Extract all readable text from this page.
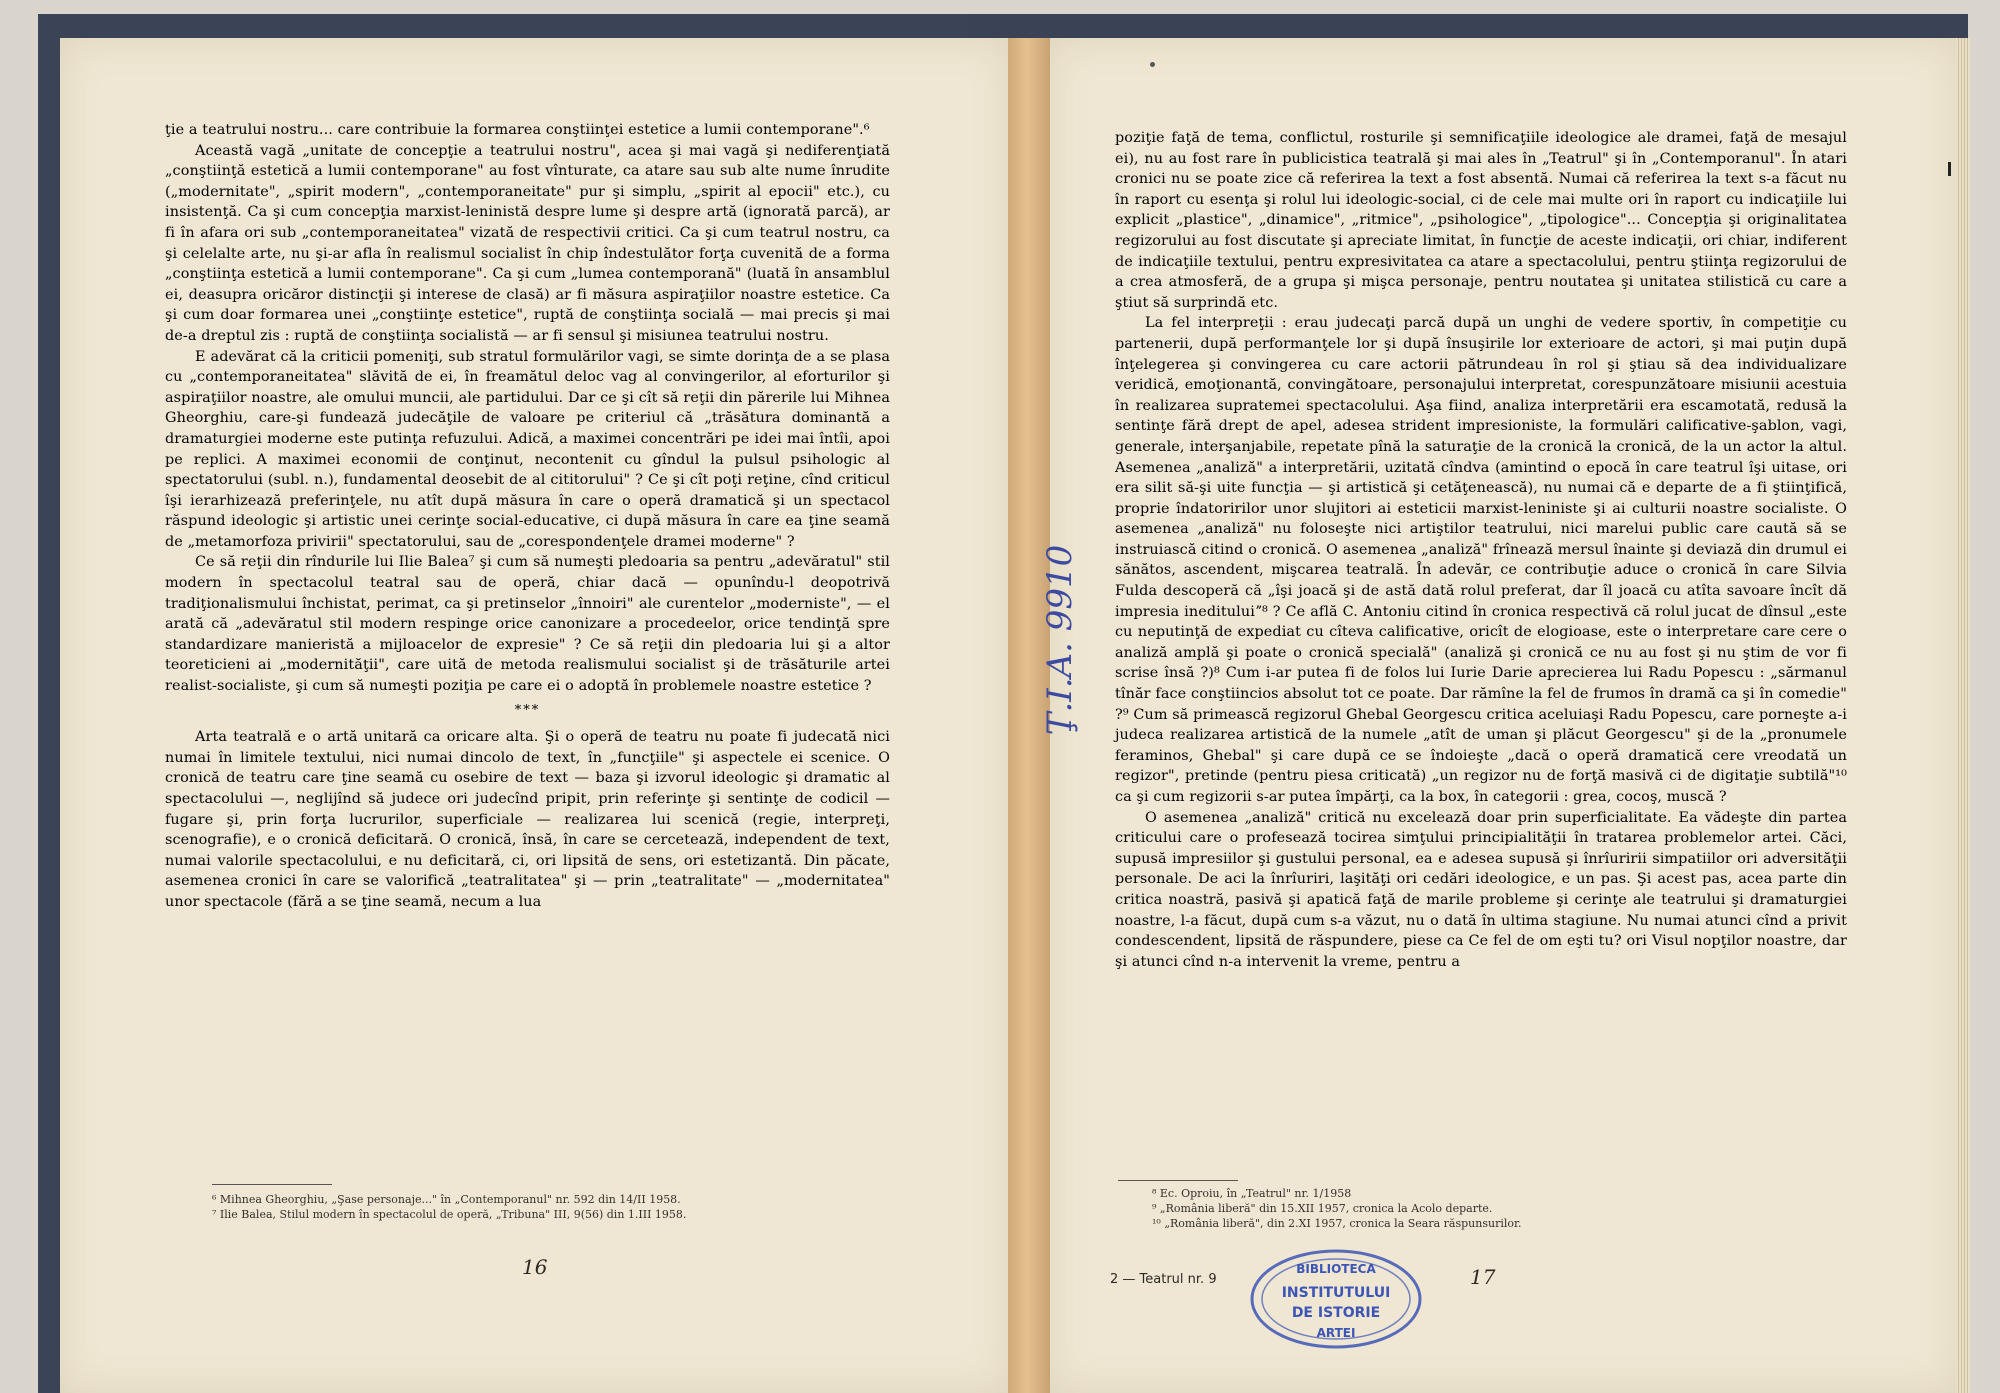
ţie a teatrului nostru... care contribuie la formarea conştiinţei estetice a lumii contemporane".⁶

Această vagă „unitate de concepţie a teatrului nostru", acea şi mai vagă şi nediferenţiată „conştiinţă estetică a lumii contemporane" au fost vînturate, ca atare sau sub alte nume înrudite („modernitate", „spirit modern", „contemporaneitate" pur şi simplu, „spirit al epocii" etc.), cu insistenţă. Ca şi cum concepţia marxist-leninistă despre lume şi despre artă (ignorată parcă), ar fi în afara ori sub „contemporaneitatea" vizată de respectivii critici. Ca şi cum teatrul nostru, ca şi celelalte arte, nu şi-ar afla în realismul socialist în chip îndestulător forţa cuvenită de a forma „conştiinţa estetică a lumii contemporane". Ca şi cum „lumea contemporană" (luată în ansamblul ei, deasupra oricăror distincţii şi interese de clasă) ar fi măsura aspiraţiilor noastre estetice. Ca şi cum doar formarea unei „conştiinţe estetice", ruptă de conştiinţa socială — mai precis şi mai de-a dreptul zis : ruptă de conştiinţa socialistă — ar fi sensul şi misiunea teatrului nostru.

E adevărat că la criticii pomeniţi, sub stratul formulărilor vagi, se simte dorinţa de a se plasa cu „contemporaneitatea" slăvită de ei, în freamătul deloc vag al convingerilor, al eforturilor şi aspiraţiilor noastre, ale omului muncii, ale partidului. Dar ce şi cît să reţii din părerile lui Mihnea Gheorghiu, care-şi fundează judecăţile de valoare pe criteriul că „trăsătura dominantă a dramaturgiei moderne este putinţa refuzului. Adică, a maximei concentrări pe idei mai întîi, apoi pe replici. A maximei economii de conţinut, necontenit cu gîndul la pulsul psihologic al spectatorului (subl. n.), fundamental deosebit de al cititorului" ? Ce şi cît poţi reţine, cînd criticul îşi ierarhizează preferinţele, nu atît după măsura în care o operă dramatică şi un spectacol răspund ideologic şi artistic unei cerinţe social-educative, ci după măsura în care ea ţine seamă de „metamorfoza privirii" spectatorului, sau de „corespondenţele dramei moderne" ?

Ce să reţii din rîndurile lui Ilie Balea⁷ şi cum să numeşti pledoaria sa pentru „adevăratul" stil modern în spectacolul teatral sau de operă, chiar dacă — opunîndu-l deopotrivă tradiţionalismului închistat, perimat, ca şi pretinselor „înnoiri" ale curentelor „moderniste", — el arată că „adevăratul stil modern respinge orice canonizare a procedeelor, orice tendinţă spre standardizare manieristă a mijloacelor de expresie" ? Ce să reţii din pledoaria lui şi a altor teoreticieni ai „modernităţii", care uită de metoda realismului socialist şi de trăsăturile artei realist-socialiste, şi cum să numeşti poziţia pe care ei o adoptă în problemele noastre estetice ?

***

Arta teatrală e o artă unitară ca oricare alta. Şi o operă de teatru nu poate fi judecată nici numai în limitele textului, nici numai dincolo de text, în „funcţiile" şi aspectele ei scenice. O cronică de teatru care ţine seamă cu osebire de text — baza şi izvorul ideologic şi dramatic al spectacolului —, neglijînd să judece ori judecînd pripit, prin referinţe şi sentinţe de codicil — fugare şi, prin forţa lucrurilor, superficiale — realizarea lui scenică (regie, interpreţi, scenografie), e o cronică deficitară. O cronică, însă, în care se cercetează, independent de text, numai valorile spectacolului, e nu deficitară, ci, ori lipsită de sens, ori estetizantă. Din păcate, asemenea cronici în care se valorifică „teatralitatea" şi — prin „teatralitate" — „modernitatea" unor spectacole (fără a se ţine seamă, necum a lua

⁶ Mihnea Gheorghiu, „Şase personaje..." în „Contemporanul" nr. 592 din 14/II 1958.
⁷ Ilie Balea, Stilul modern în spectacolul de operă, „Tribuna" III, 9(56) din 1.III 1958.
16

poziţie faţă de tema, conflictul, rosturile şi semnificaţiile ideologice ale dramei, faţă de mesajul ei), nu au fost rare în publicistica teatrală şi mai ales în „Teatrul" şi în „Contemporanul". În atari cronici nu se poate zice că referirea la text a fost absentă. Numai că referirea la text s-a făcut nu în raport cu esenţa şi rolul lui ideologic-social, ci de cele mai multe ori în raport cu indicaţiile lui explicit „plastice", „dinamice", „ritmice", „psihologice", „tipologice"... Concepţia şi originalitatea regizorului au fost discutate şi apreciate limitat, în funcţie de aceste indicaţii, ori chiar, indiferent de indicaţiile textului, pentru expresivitatea ca atare a spectacolului, pentru ştiinţa regizorului de a crea atmosferă, de a grupa şi mişca personaje, pentru noutatea şi unitatea stilistică cu care a ştiut să surprindă etc.

La fel interpreţii : erau judecaţi parcă după un unghi de vedere sportiv, în competiţie cu partenerii, după performanţele lor şi după însuşirile lor exterioare de actori, şi mai puţin după înţelegerea şi convingerea cu care actorii pătrundeau în rol şi ştiau să dea individualizare veridică, emoţionantă, convingătoare, personajului interpretat, corespunzătoare misiunii acestuia în realizarea supratemei spectacolului. Aşa fiind, analiza interpretării era escamotată, redusă la sentinţe fără drept de apel, adesea strident impresioniste, la formulări calificative-şablon, vagi, generale, interşanjabile, repetate pînă la saturaţie de la cronică la cronică, de la un actor la altul. Asemenea „analiză" a interpretării, uzitată cîndva (amintind o epocă în care teatrul îşi uitase, ori era silit să-şi uite funcţia — şi artistică şi cetăţenească), nu numai că e departe de a fi ştiinţifică, proprie îndatoririlor unor slujitori ai esteticii marxist-leniniste şi ai culturii noastre socialiste. O asemenea „analiză" nu foloseşte nici artiştilor teatrului, nici marelui public care caută să se instruiască citind o cronică. O asemenea „analiză" frînează mersul înainte şi deviază din drumul ei sănătos, ascendent, mişcarea teatrală. În adevăr, ce contribuţie aduce o cronică în care Silvia Fulda descoperă că „îşi joacă şi de astă dată rolul preferat, dar îl joacă cu atîta savoare încît dă impresia inedituluiˮ⁸ ? Ce află C. Antoniu citind în cronica respectivă că rolul jucat de dînsul „este cu neputinţă de expediat cu cîteva calificative, oricît de elogioase, este o interpretare care cere o analiză amplă şi poate o cronică specială" (analiză şi cronică ce nu au fost şi nu ştim de vor fi scrise însă ?)⁸ Cum i-ar putea fi de folos lui Iurie Darie aprecierea lui Radu Popescu : „sărmanul tînăr face conştiincios absolut tot ce poate. Dar rămîne la fel de frumos în dramă ca şi în comedie" ?⁹ Cum să primească regizorul Ghebal Georgescu critica aceluiaşi Radu Popescu, care porneşte a-i judeca realizarea artistică de la numele „atît de uman şi plăcut Georgescu" şi de la „pronumele feraminos, Ghebal" şi care după ce se îndoieşte „dacă o operă dramatică cere vreodată un regizor", pretinde (pentru piesa criticată) „un regizor nu de forţă masivă ci de digitaţie subtilă"¹⁰ ca şi cum regizorii s-ar putea împărţi, ca la box, în categorii : grea, cocoş, muscă ?

O asemenea „analiză" critică nu excelează doar prin superficialitate. Ea vădeşte din partea criticului care o profesează tocirea simţului principialităţii în tratarea problemelor artei. Căci, supusă impresiilor şi gustului personal, ea e adesea supusă şi înrîuririi simpatiilor ori adversităţii personale. De aci la înrîuriri, laşităţi ori cedări ideologice, e un pas. Şi acest pas, acea parte din critica noastră, pasivă şi apatică faţă de marile probleme şi cerinţe ale teatrului şi dramaturgiei noastre, l-a făcut, după cum s-a văzut, nu o dată în ultima stagiune. Nu numai atunci cînd a privit condescendent, lipsită de răspundere, piese ca Ce fel de om eşti tu? ori Visul nopţilor noastre, dar şi atunci cînd n-a intervenit la vreme, pentru a

⁸ Ec. Oproiu, în „Teatrul" nr. 1/1958
⁹ „România liberă" din 15.XII 1957, cronica la Acolo departe.
¹⁰ „România liberă", din 2.XI 1957, cronica la Seara răspunsurilor.
2 — Teatrul nr. 9	17
Ţ.I.A. 9910
BIBLIOTECA
INSTITUTULUI
DE ISTORIE
ARTEI
